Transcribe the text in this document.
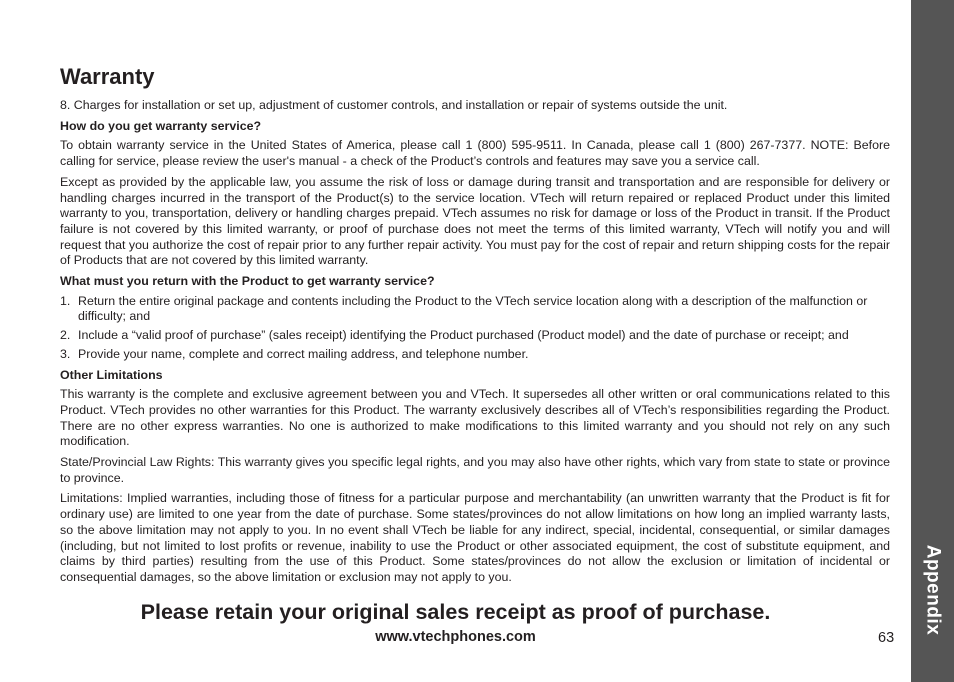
Appendix
Warranty

8. Charges for installation or set up, adjustment of customer controls, and installation or repair of systems outside the unit.

How do you get warranty service?

To obtain warranty service in the United States of America, please call 1 (800) 595-9511. In Canada, please call 1 (800) 267-7377. NOTE: Before calling for service, please review the user's manual - a check of the Product’s controls and features may save you a service call.

Except as provided by the applicable law, you assume the risk of loss or damage during transit and transportation and are responsible for delivery or handling charges incurred in the transport of the Product(s) to the service location. VTech will return repaired or replaced Product under this limited warranty to you, transportation, delivery or handling charges prepaid. VTech assumes no risk for damage or loss of the Product in transit. If the Product failure is not covered by this limited warranty, or proof of purchase does not meet the terms of this limited warranty, VTech will notify you and will request that you authorize the cost of repair prior to any further repair activity. You must pay for the cost of repair and return shipping costs for the repair of Products that are not covered by this limited warranty.

What must you return with the Product to get warranty service?
1. Return the entire original package and contents including the Product to the VTech service location along with a description of the malfunction or difficulty; and
2. Include a “valid proof of purchase” (sales receipt) identifying the Product purchased (Product model) and the date of purchase or receipt; and
3. Provide your name, complete and correct mailing address, and telephone number.
Other Limitations

This warranty is the complete and exclusive agreement between you and VTech. It supersedes all other written or oral communications related to this Product. VTech provides no other warranties for this Product. The warranty exclusively describes all of VTech’s responsibilities regarding the Product. There are no other express warranties. No one is authorized to make modifications to this limited warranty and you should not rely on any such modification.

State/Provincial Law Rights: This warranty gives you specific legal rights, and you may also have other rights, which vary from state to state or province to province.

Limitations: Implied warranties, including those of fitness for a particular purpose and merchantability (an unwritten warranty that the Product is fit for ordinary use) are limited to one year from the date of purchase. Some states/provinces do not allow limitations on how long an implied warranty lasts, so the above limitation may not apply to you. In no event shall VTech be liable for any indirect, special, incidental, consequential, or similar damages (including, but not limited to lost profits or revenue, inability to use the Product or other associated equipment, the cost of substitute equipment, and claims by third parties) resulting from the use of this Product. Some states/provinces do not allow the exclusion or limitation of incidental or consequential damages, so the above limitation or exclusion may not apply to you.

Please retain your original sales receipt as proof of purchase.
www.vtechphones.com	63
